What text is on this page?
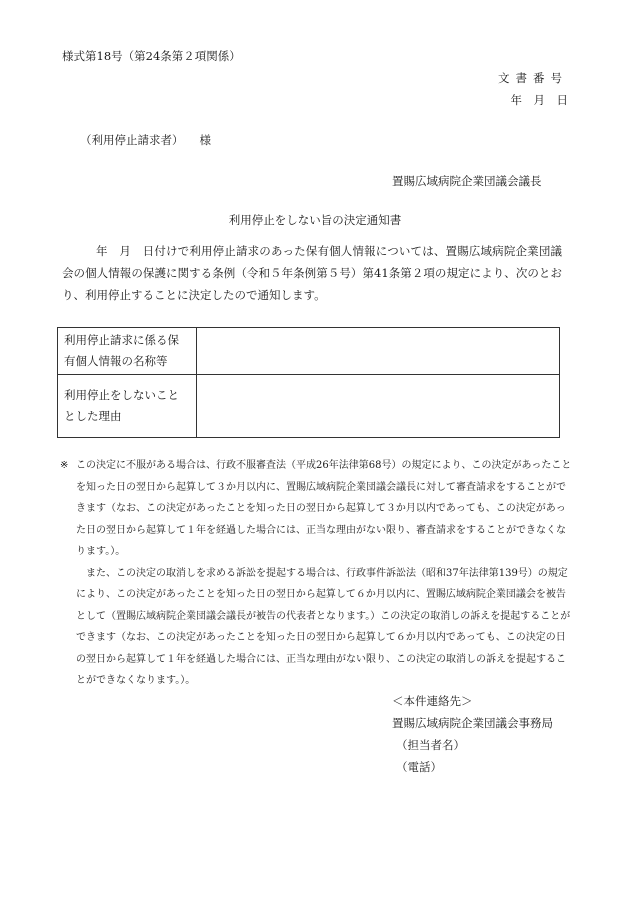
様式第18号（第24条第２項関係）
文書番号
年　月　日
（利用停止請求者） 様
置賜広域病院企業団議会議長
利用停止をしない旨の決定通知書
年　月　日付けで利用停止請求のあった保有個人情報については、置賜広域病院企業団議会の個人情報の保護に関する条例（令和５年条例第５号）第41条第２項の規定により、次のとおり、利用停止することに決定したので通知します。
利用停止請求に係る保有個人情報の名称等	
利用停止をしないこととした理由	

※ この決定に不服がある場合は、行政不服審査法（平成26年法律第68号）の規定により、この決定があったことを知った日の翌日から起算して３か月以内に、置賜広域病院企業団議会議長に対して審査請求をすることができます（なお、この決定があったことを知った日の翌日から起算して３か月以内であっても、この決定があった日の翌日から起算して１年を経過した場合には、正当な理由がない限り、審査請求をすることができなくなります。）。

また、この決定の取消しを求める訴訟を提起する場合は、行政事件訴訟法（昭和37年法律第139号）の規定により、この決定があったことを知った日の翌日から起算して６か月以内に、置賜広域病院企業団議会を被告として（置賜広域病院企業団議会議長が被告の代表者となります。）この決定の取消しの訴えを提起することができます（なお、この決定があったことを知った日の翌日から起算して６か月以内であっても、この決定の日の翌日から起算して１年を経過した場合には、正当な理由がない限り、この決定の取消しの訴えを提起することができなくなります。）。

＜本件連絡先＞
置賜広域病院企業団議会事務局
（担当者名）
（電話）
